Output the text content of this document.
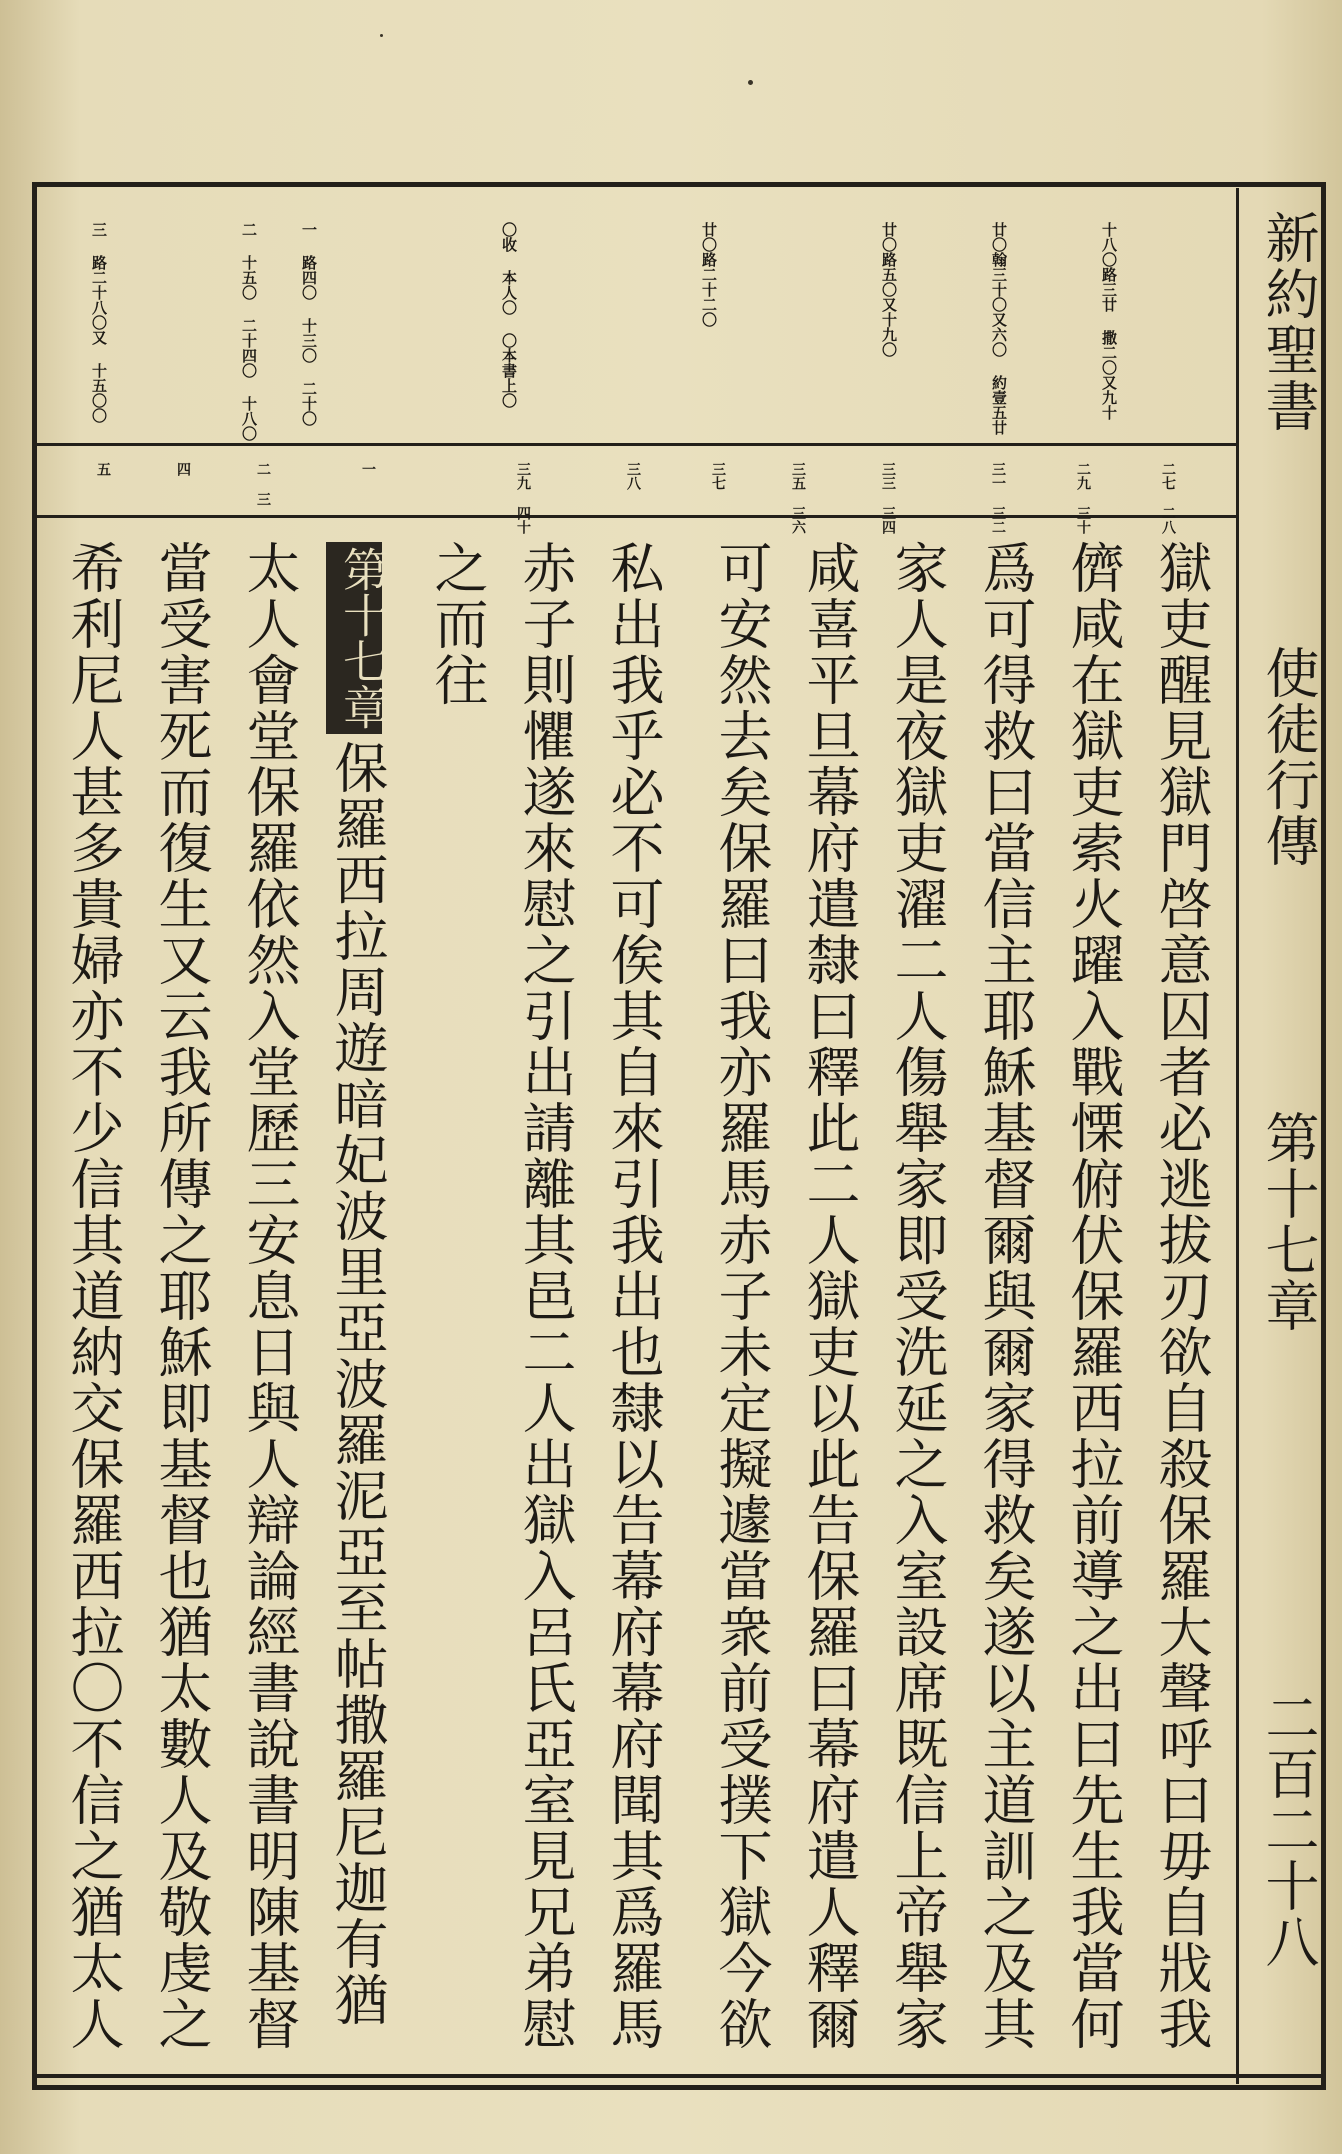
新約聖書
使徒行傳
第十七章
二百二十八
十八〇路三廿 撒二〇又九十
廿〇翰三十〇又六〇 約壹五廿
廿〇路五〇又十九〇
廿〇路二十二〇
〇收 本人〇 〇本書上〇
一 路四〇 十三〇 二十〇
二 十五〇 二十四〇 十八〇
三 路二十八〇又 十五〇〇
二七 二八
二九 三十
三一 三二
三三 三四
三五 三六
三七
三八
三九 四十
一
二 三
四
五
獄吏醒見獄門啓意囚者必逃拔刃欲自殺保羅大聲呼曰毋自戕我
儕咸在獄吏索火躍入戰慄俯伏保羅西拉前導之出曰先生我當何
爲可得救曰當信主耶穌基督爾與爾家得救矣遂以主道訓之及其
家人是夜獄吏濯二人傷舉家即受洗延之入室設席既信上帝舉家
咸喜平旦幕府遣隸曰釋此二人獄吏以此告保羅曰幕府遣人釋爾
可安然去矣保羅曰我亦羅馬赤子未定擬遽當衆前受撲下獄今欲
私出我乎必不可俟其自來引我出也隸以告幕府幕府聞其爲羅馬
赤子則懼遂來慰之引出請離其邑二人出獄入呂氏亞室見兄弟慰
之而往
第十七章
保羅西拉周遊暗妃波里亞波羅泥亞至帖撒羅尼迦有猶
太人會堂保羅依然入堂歷三安息日與人辯論經書說書明陳基督
當受害死而復生又云我所傳之耶穌即基督也猶太數人及敬虔之
希利尼人甚多貴婦亦不少信其道納交保羅西拉〇不信之猶太人
